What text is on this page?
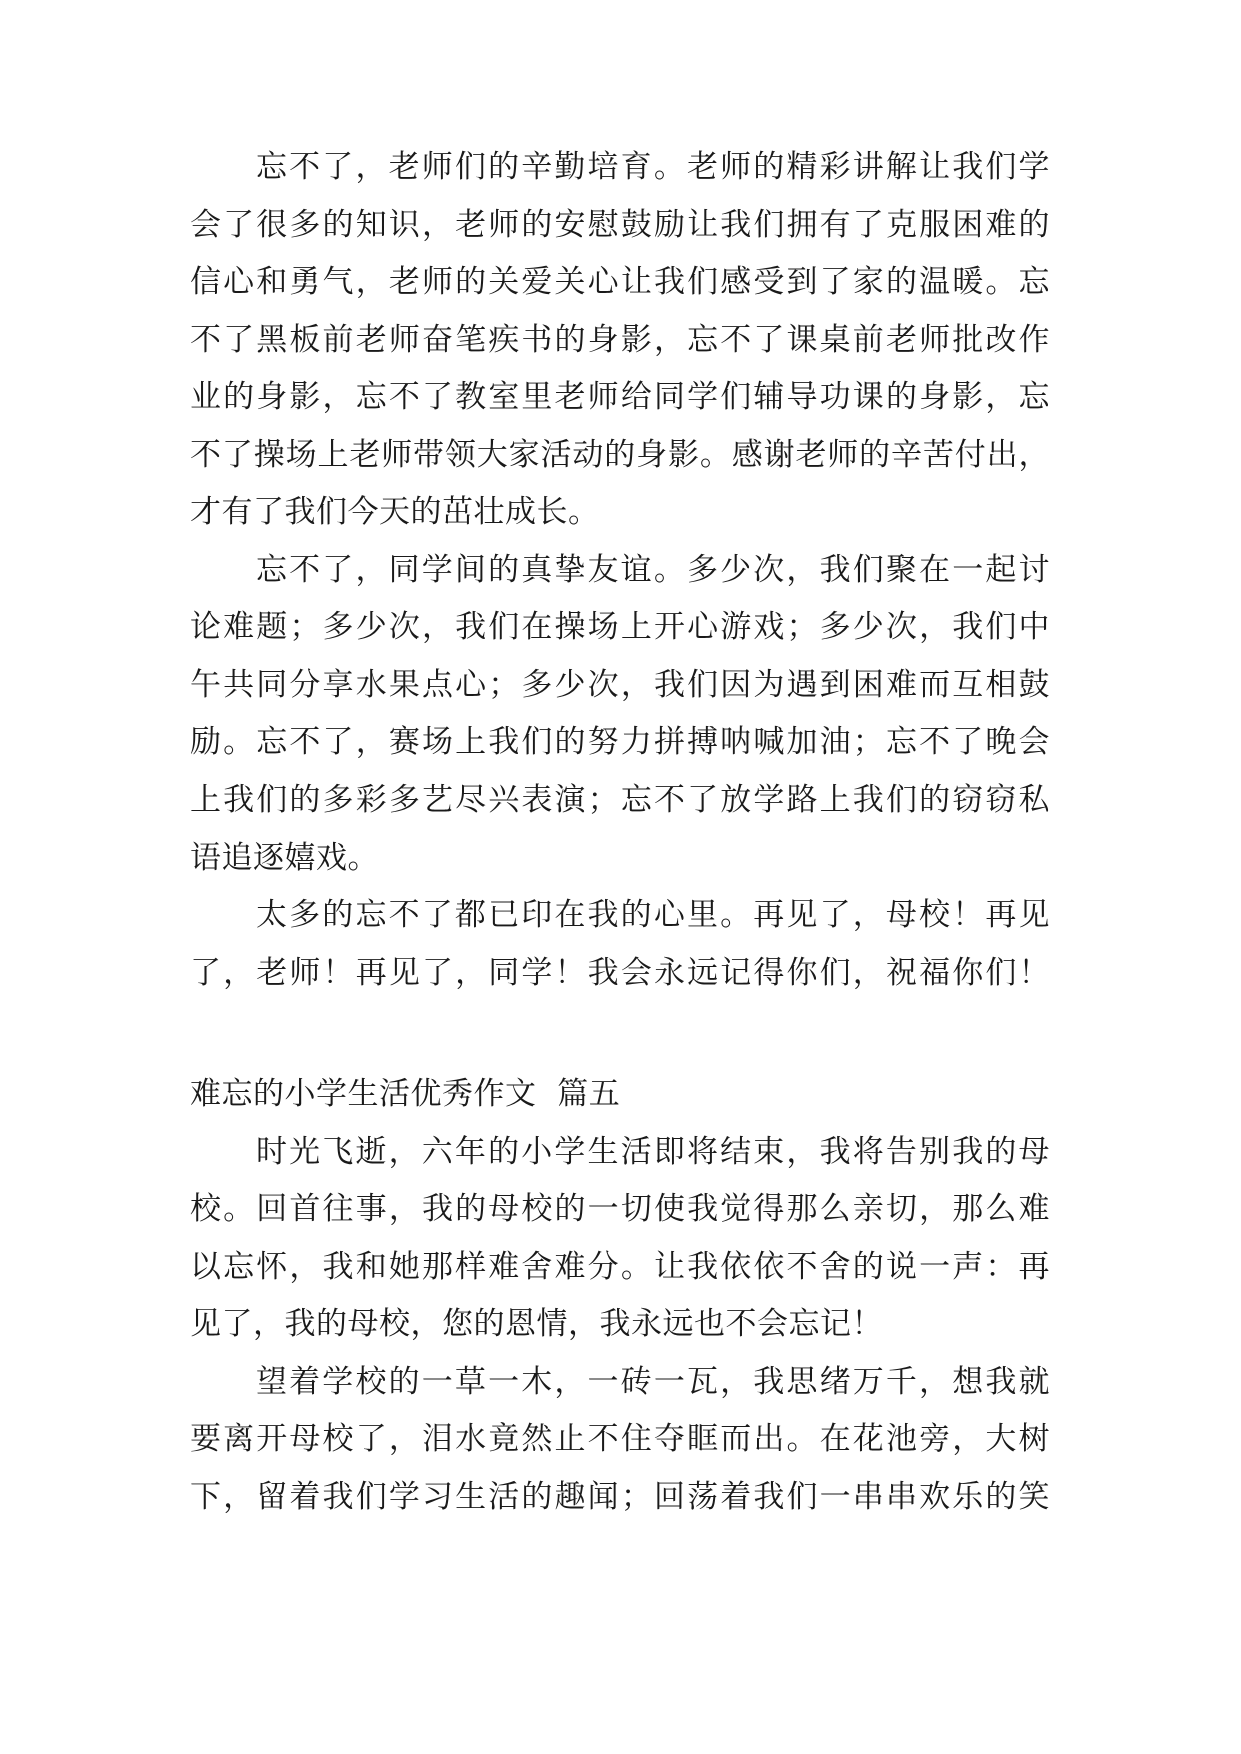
忘不了，老师们的辛勤培育。老师的精彩讲解让我们学
会了很多的知识，老师的安慰鼓励让我们拥有了克服困难的
信心和勇气，老师的关爱关心让我们感受到了家的温暖。忘
不了黑板前老师奋笔疾书的身影，忘不了课桌前老师批改作
业的身影，忘不了教室里老师给同学们辅导功课的身影，忘
不了操场上老师带领大家活动的身影。感谢老师的辛苦付出，
才有了我们今天的茁壮成长。
忘不了，同学间的真挚友谊。多少次，我们聚在一起讨
论难题；多少次，我们在操场上开心游戏；多少次，我们中
午共同分享水果点心；多少次，我们因为遇到困难而互相鼓
励。忘不了，赛场上我们的努力拼搏呐喊加油；忘不了晚会
上我们的多彩多艺尽兴表演；忘不了放学路上我们的窃窃私
语追逐嬉戏。
太多的忘不了都已印在我的心里。再见了，母校！再见
了，老师！再见了，同学！我会永远记得你们，祝福你们！
难忘的小学生活优秀作文  篇五
时光飞逝，六年的小学生活即将结束，我将告别我的母
校。回首往事，我的母校的一切使我觉得那么亲切，那么难
以忘怀，我和她那样难舍难分。让我依依不舍的说一声：再
见了，我的母校，您的恩情，我永远也不会忘记！
望着学校的一草一木，一砖一瓦，我思绪万千，想我就
要离开母校了，泪水竟然止不住夺眶而出。在花池旁，大树
下，留着我们学习生活的趣闻；回荡着我们一串串欢乐的笑
